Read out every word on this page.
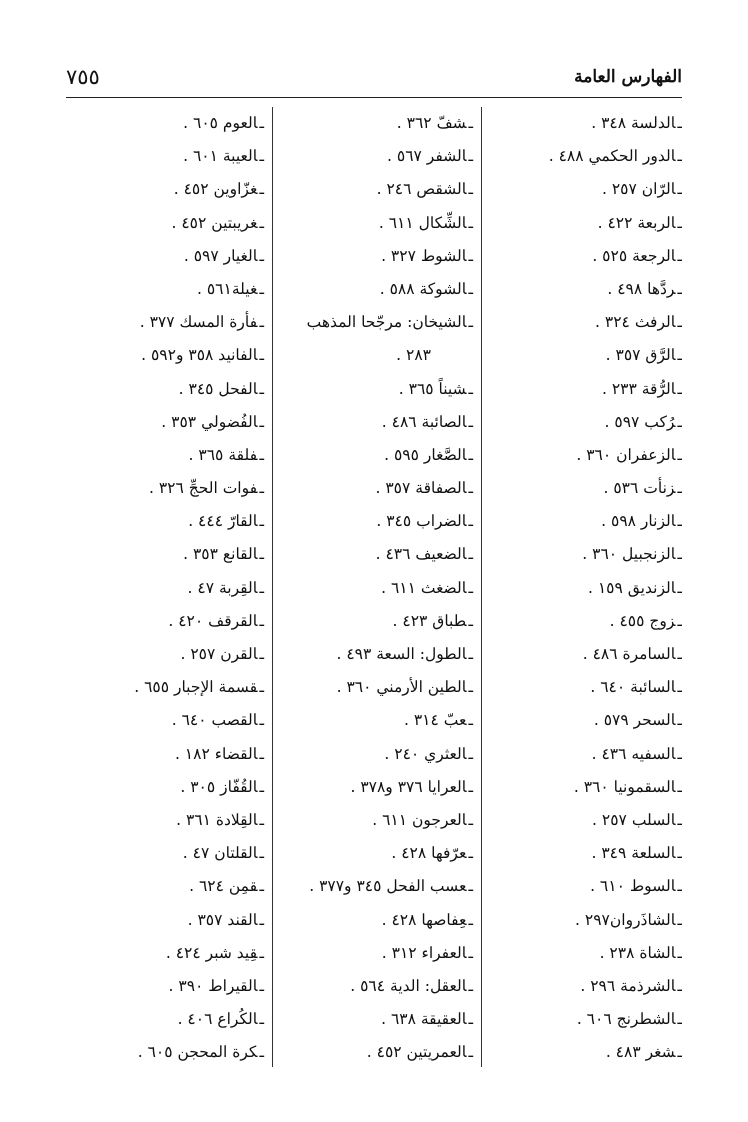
٧٥٥	الفهارس العامة
ـالدلسة ٣٤٨ .
ـالدور الحكمي ٤٨٨ .
ـالرّان ٢٥٧ .
ـالربعة ٤٢٢ .
ـالرجعة ٥٢٥ .
ـردَّها ٤٩٨ .
ـالرفث ٣٢٤ .
ـالرَّق ٣٥٧ .
ـالرُّقة ٢٣٣ .
ـرُكب ٥٩٧ .
ـالزعفران ٣٦٠ .
ـزنأت ٥٣٦ .
ـالزنار ٥٩٨ .
ـالزنجبيل ٣٦٠ .
ـالزنديق ١٥٩ .
ـزوج ٤٥٥ .
ـالسامرة ٤٨٦ .
ـالسائبة ٦٤٠ .
ـالسحر ٥٧٩ .
ـالسفيه ٤٣٦ .
ـالسقمونيا ٣٦٠ .
ـالسلب ٢٥٧ .
ـالسلعة ٣٤٩ .
ـالسوط ٦١٠ .
ـالشاذَروان٢٩٧ .
ـالشاة ٢٣٨ .
ـالشرذمة ٢٩٦ .
ـالشطرنج ٦٠٦ .
ـشغر ٤٨٣ .
ـشفّ ٣٦٢ .
ـالشفر ٥٦٧ .
ـالشقص ٢٤٦ .
ـالشِّكال ٦١١ .
ـالشوط ٣٢٧ .
ـالشوكة ٥٨٨ .
ـالشيخان: مرجّحا المذهب
٢٨٣ .
ـشيناً ٣٦٥ .
ـالصائبة ٤٨٦ .
ـالصَّغار ٥٩٥ .
ـالصفاقة ٣٥٧ .
ـالضراب ٣٤٥ .
ـالضعيف ٤٣٦ .
ـالضغث ٦١١ .
ـطباق ٤٢٣ .
ـالطول: السعة ٤٩٣ .
ـالطين الأرمني ٣٦٠ .
ـعبّ ٣١٤ .
ـالعثري ٢٤٠ .
ـالعرايا ٣٧٦ و٣٧٨ .
ـالعرجون ٦١١ .
ـعرّفها ٤٢٨ .
ـعسب الفحل ٣٤٥ و٣٧٧ .
ـعِفاصها ٤٢٨ .
ـالعفراء ٣١٢ .
ـالعقل: الدية ٥٦٤ .
ـالعقيقة ٦٣٨ .
ـالعمريتين ٤٥٢ .
ـالعوم ٦٠٥ .
ـالعيبة ٦٠١ .
ـغزّاوين ٤٥٢ .
ـغريبتين ٤٥٢ .
ـالغيار ٥٩٧ .
ـغيلة٥٦١ .
ـفأرة المسك ٣٧٧ .
ـالفانيد ٣٥٨ و٥٩٢ .
ـالفحل ٣٤٥ .
ـالفُضولي ٣٥٣ .
ـفلقة ٣٦٥ .
ـفوات الحجِّ ٣٢٦ .
ـالقارّ ٤٤٤ .
ـالقانع ٣٥٣ .
ـالقِربة ٤٧ .
ـالقرقف ٤٢٠ .
ـالقرن ٢٥٧ .
ـقسمة الإجبار ٦٥٥ .
ـالقصب ٦٤٠ .
ـالقضاء ١٨٢ .
ـالقُفّاز ٣٠٥ .
ـالقِلادة ٣٦١ .
ـالقلتان ٤٧ .
ـقمِن ٦٢٤ .
ـالقند ٣٥٧ .
ـقِيد شبر ٤٢٤ .
ـالقيراط ٣٩٠ .
ـالكُراع ٤٠٦ .
ـكرة المحجن ٦٠٥ .
